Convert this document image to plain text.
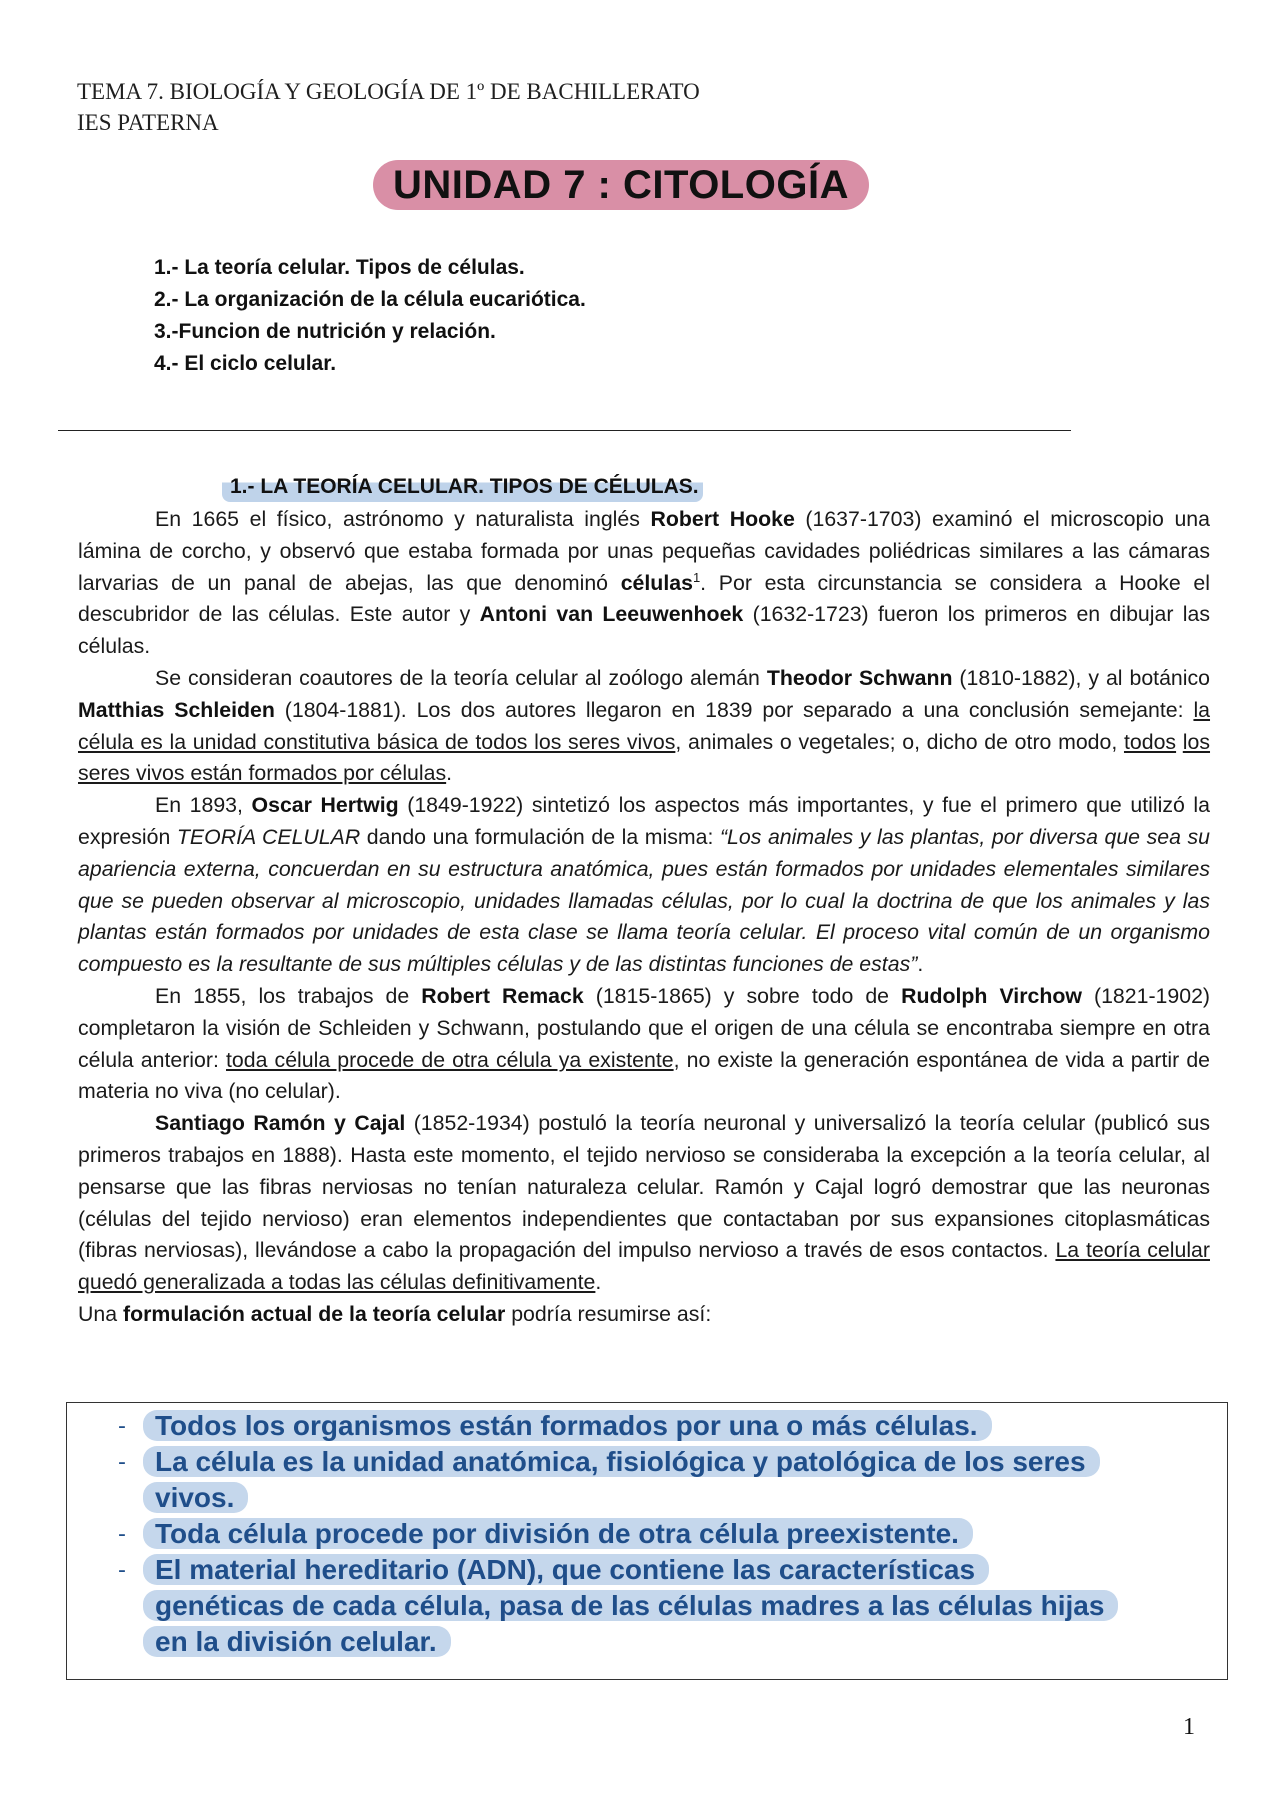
TEMA 7. BIOLOGÍA Y GEOLOGÍA DE 1º DE BACHILLERATO
IES PATERNA
UNIDAD 7 : CITOLOGÍA
1.- La teoría celular. Tipos de células.
2.- La organización de la célula eucariótica.
3.-Funcion de nutrición y relación.
4.- El ciclo celular.
1.- LA TEORÍA CELULAR. TIPOS DE CÉLULAS.

En 1665 el físico, astrónomo y naturalista inglés Robert Hooke (1637-1703) examinó el microscopio una lámina de corcho, y observó que estaba formada por unas pequeñas cavidades poliédricas similares a las cámaras larvarias de un panal de abejas, las que denominó células$^1$. Por esta circunstancia se considera a Hooke el descubridor de las células. Este autor y Antoni van Leeuwenhoek (1632-1723) fueron los primeros en dibujar las células.

Se consideran coautores de la teoría celular al zoólogo alemán Theodor Schwann (1810-1882), y al botánico Matthias Schleiden (1804-1881). Los dos autores llegaron en 1839 por separado a una conclusión semejante: la célula es la unidad constitutiva básica de todos los seres vivos, animales o vegetales; o, dicho de otro modo, todos los seres vivos están formados por células.

En 1893, Oscar Hertwig (1849-1922) sintetizó los aspectos más importantes, y fue el primero que utilizó la expresión TEORÍA CELULAR dando una formulación de la misma: “Los animales y las plantas, por diversa que sea su apariencia externa, concuerdan en su estructura anatómica, pues están formados por unidades elementales similares que se pueden observar al microscopio, unidades llamadas células, por lo cual la doctrina de que los animales y las plantas están formados por unidades de esta clase se llama teoría celular. El proceso vital común de un organismo compuesto es la resultante de sus múltiples células y de las distintas funciones de estas”.

En 1855, los trabajos de Robert Remack (1815-1865) y sobre todo de Rudolph Virchow (1821-1902) completaron la visión de Schleiden y Schwann, postulando que el origen de una célula se encontraba siempre en otra célula anterior: toda célula procede de otra célula ya existente, no existe la generación espontánea de vida a partir de materia no viva (no celular).

Santiago Ramón y Cajal (1852-1934) postuló la teoría neuronal y universalizó la teoría celular (publicó sus primeros trabajos en 1888). Hasta este momento, el tejido nervioso se consideraba la excepción a la teoría celular, al pensarse que las fibras nerviosas no tenían naturaleza celular. Ramón y Cajal logró demostrar que las neuronas (células del tejido nervioso) eran elementos independientes que contactaban por sus expansiones citoplasmáticas (fibras nerviosas), llevándose a cabo la propagación del impulso nervioso a través de esos contactos. La teoría celular quedó generalizada a todas las células definitivamente.

Una formulación actual de la teoría celular podría resumirse así:

-	Todos los organismos están formados por una o más células.
-	La célula es la unidad anatómica, fisiológica y patológica de los seres
vivos.
-	Toda célula procede por división de otra célula preexistente.
-	El material hereditario (ADN), que contiene las características
genéticas de cada célula, pasa de las células madres a las células hijas
en la división celular.
1
